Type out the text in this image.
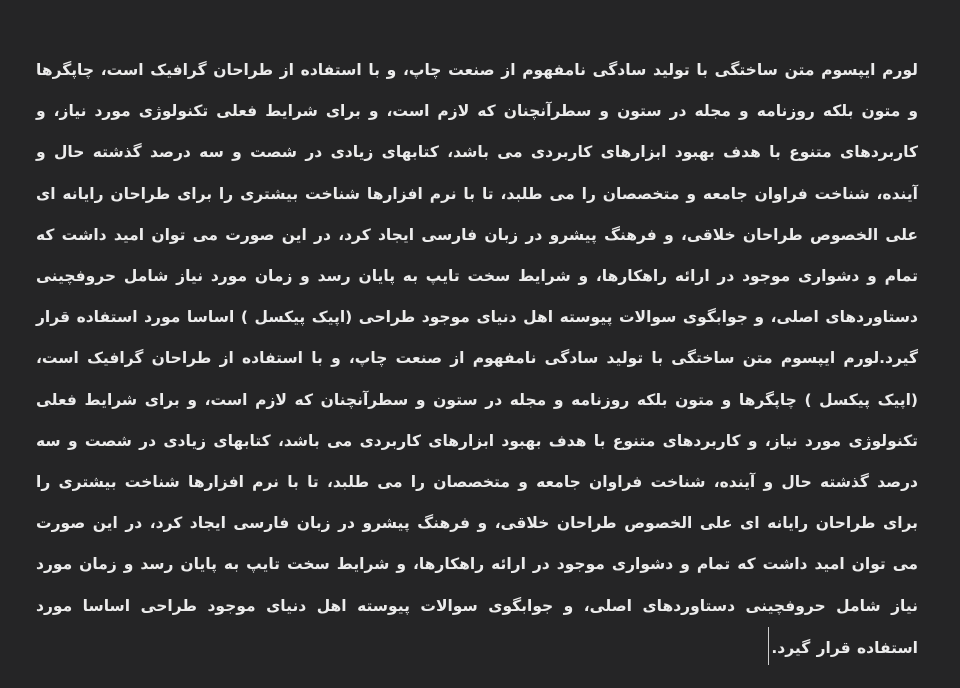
لورم ایپسوم متن ساختگی با تولید سادگی نامفهوم از صنعت چاپ، و با استفاده از طراحان گرافیک است، چاپگرها و متون بلکه روزنامه و مجله در ستون و سطرآنچنان که لازم است، و برای شرایط فعلی تکنولوژی مورد نیاز، و کاربردهای متنوع با هدف بهبود ابزارهای کاربردی می باشد، کتابهای زیادی در شصت و سه درصد گذشته حال و آینده، شناخت فراوان جامعه و متخصصان را می طلبد، تا با نرم افزارها شناخت بیشتری را برای طراحان رایانه ای علی الخصوص طراحان خلاقی، و فرهنگ پیشرو در زبان فارسی ایجاد کرد، در این صورت می توان امید داشت که تمام و دشواری موجود در ارائه راهکارها، و شرایط سخت تایپ به پایان رسد و زمان مورد نیاز شامل حروفچینی دستاوردهای اصلی، و جوابگوی سوالات پیوسته اهل دنیای موجود طراحی (اپیک پیکسل ) اساسا مورد استفاده قرار گیرد.لورم ایپسوم متن ساختگی با تولید سادگی نامفهوم از صنعت چاپ، و با استفاده از طراحان گرافیک است، (اپیک پیکسل ) چاپگرها و متون بلکه روزنامه و مجله در ستون و سطرآنچنان که لازم است، و برای شرایط فعلی تکنولوژی مورد نیاز، و کاربردهای متنوع با هدف بهبود ابزارهای کاربردی می باشد، کتابهای زیادی در شصت و سه درصد گذشته حال و آینده، شناخت فراوان جامعه و متخصصان را می طلبد، تا با نرم افزارها شناخت بیشتری را برای طراحان رایانه ای علی الخصوص طراحان خلاقی، و فرهنگ پیشرو در زبان فارسی ایجاد کرد، در این صورت می توان امید داشت که تمام و دشواری موجود در ارائه راهکارها، و شرایط سخت تایپ به پایان رسد و زمان مورد نیاز شامل حروفچینی دستاوردهای اصلی، و جوابگوی سوالات پیوسته اهل دنیای موجود طراحی اساسا مورد استفاده قرار گیرد.
